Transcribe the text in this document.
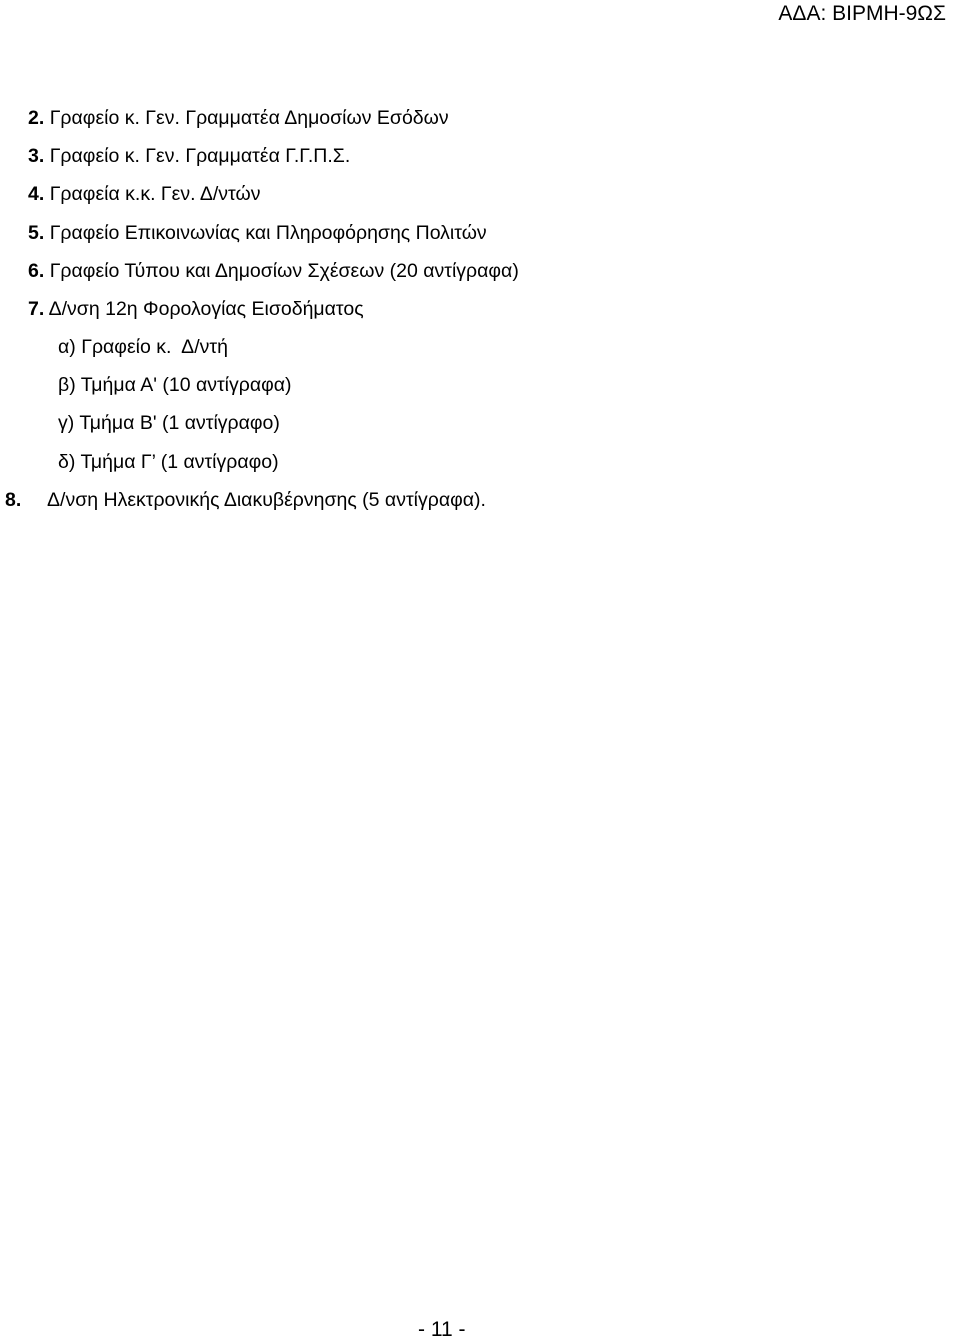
ΑΔΑ: ΒΙΡΜΗ-9ΩΣ
2. Γραφείο κ. Γεν. Γραμματέα Δημοσίων Εσόδων
3. Γραφείο κ. Γεν. Γραμματέα Γ.Γ.Π.Σ.
4. Γραφεία κ.κ. Γεν. Δ/ντών
5. Γραφείο Επικοινωνίας και Πληροφόρησης Πολιτών
6. Γραφείο Τύπου και Δημοσίων Σχέσεων (20 αντίγραφα)
7. Δ/νση 12η Φορολογίας Εισοδήματος
α) Γραφείο κ.  Δ/ντή
β) Τμήμα Α' (10 αντίγραφα)
γ) Τμήμα Β' (1 αντίγραφο)
δ) Τμήμα Γ’ (1 αντίγραφο)
8. Δ/νση Ηλεκτρονικής Διακυβέρνησης (5 αντίγραφα).
- 11 -
